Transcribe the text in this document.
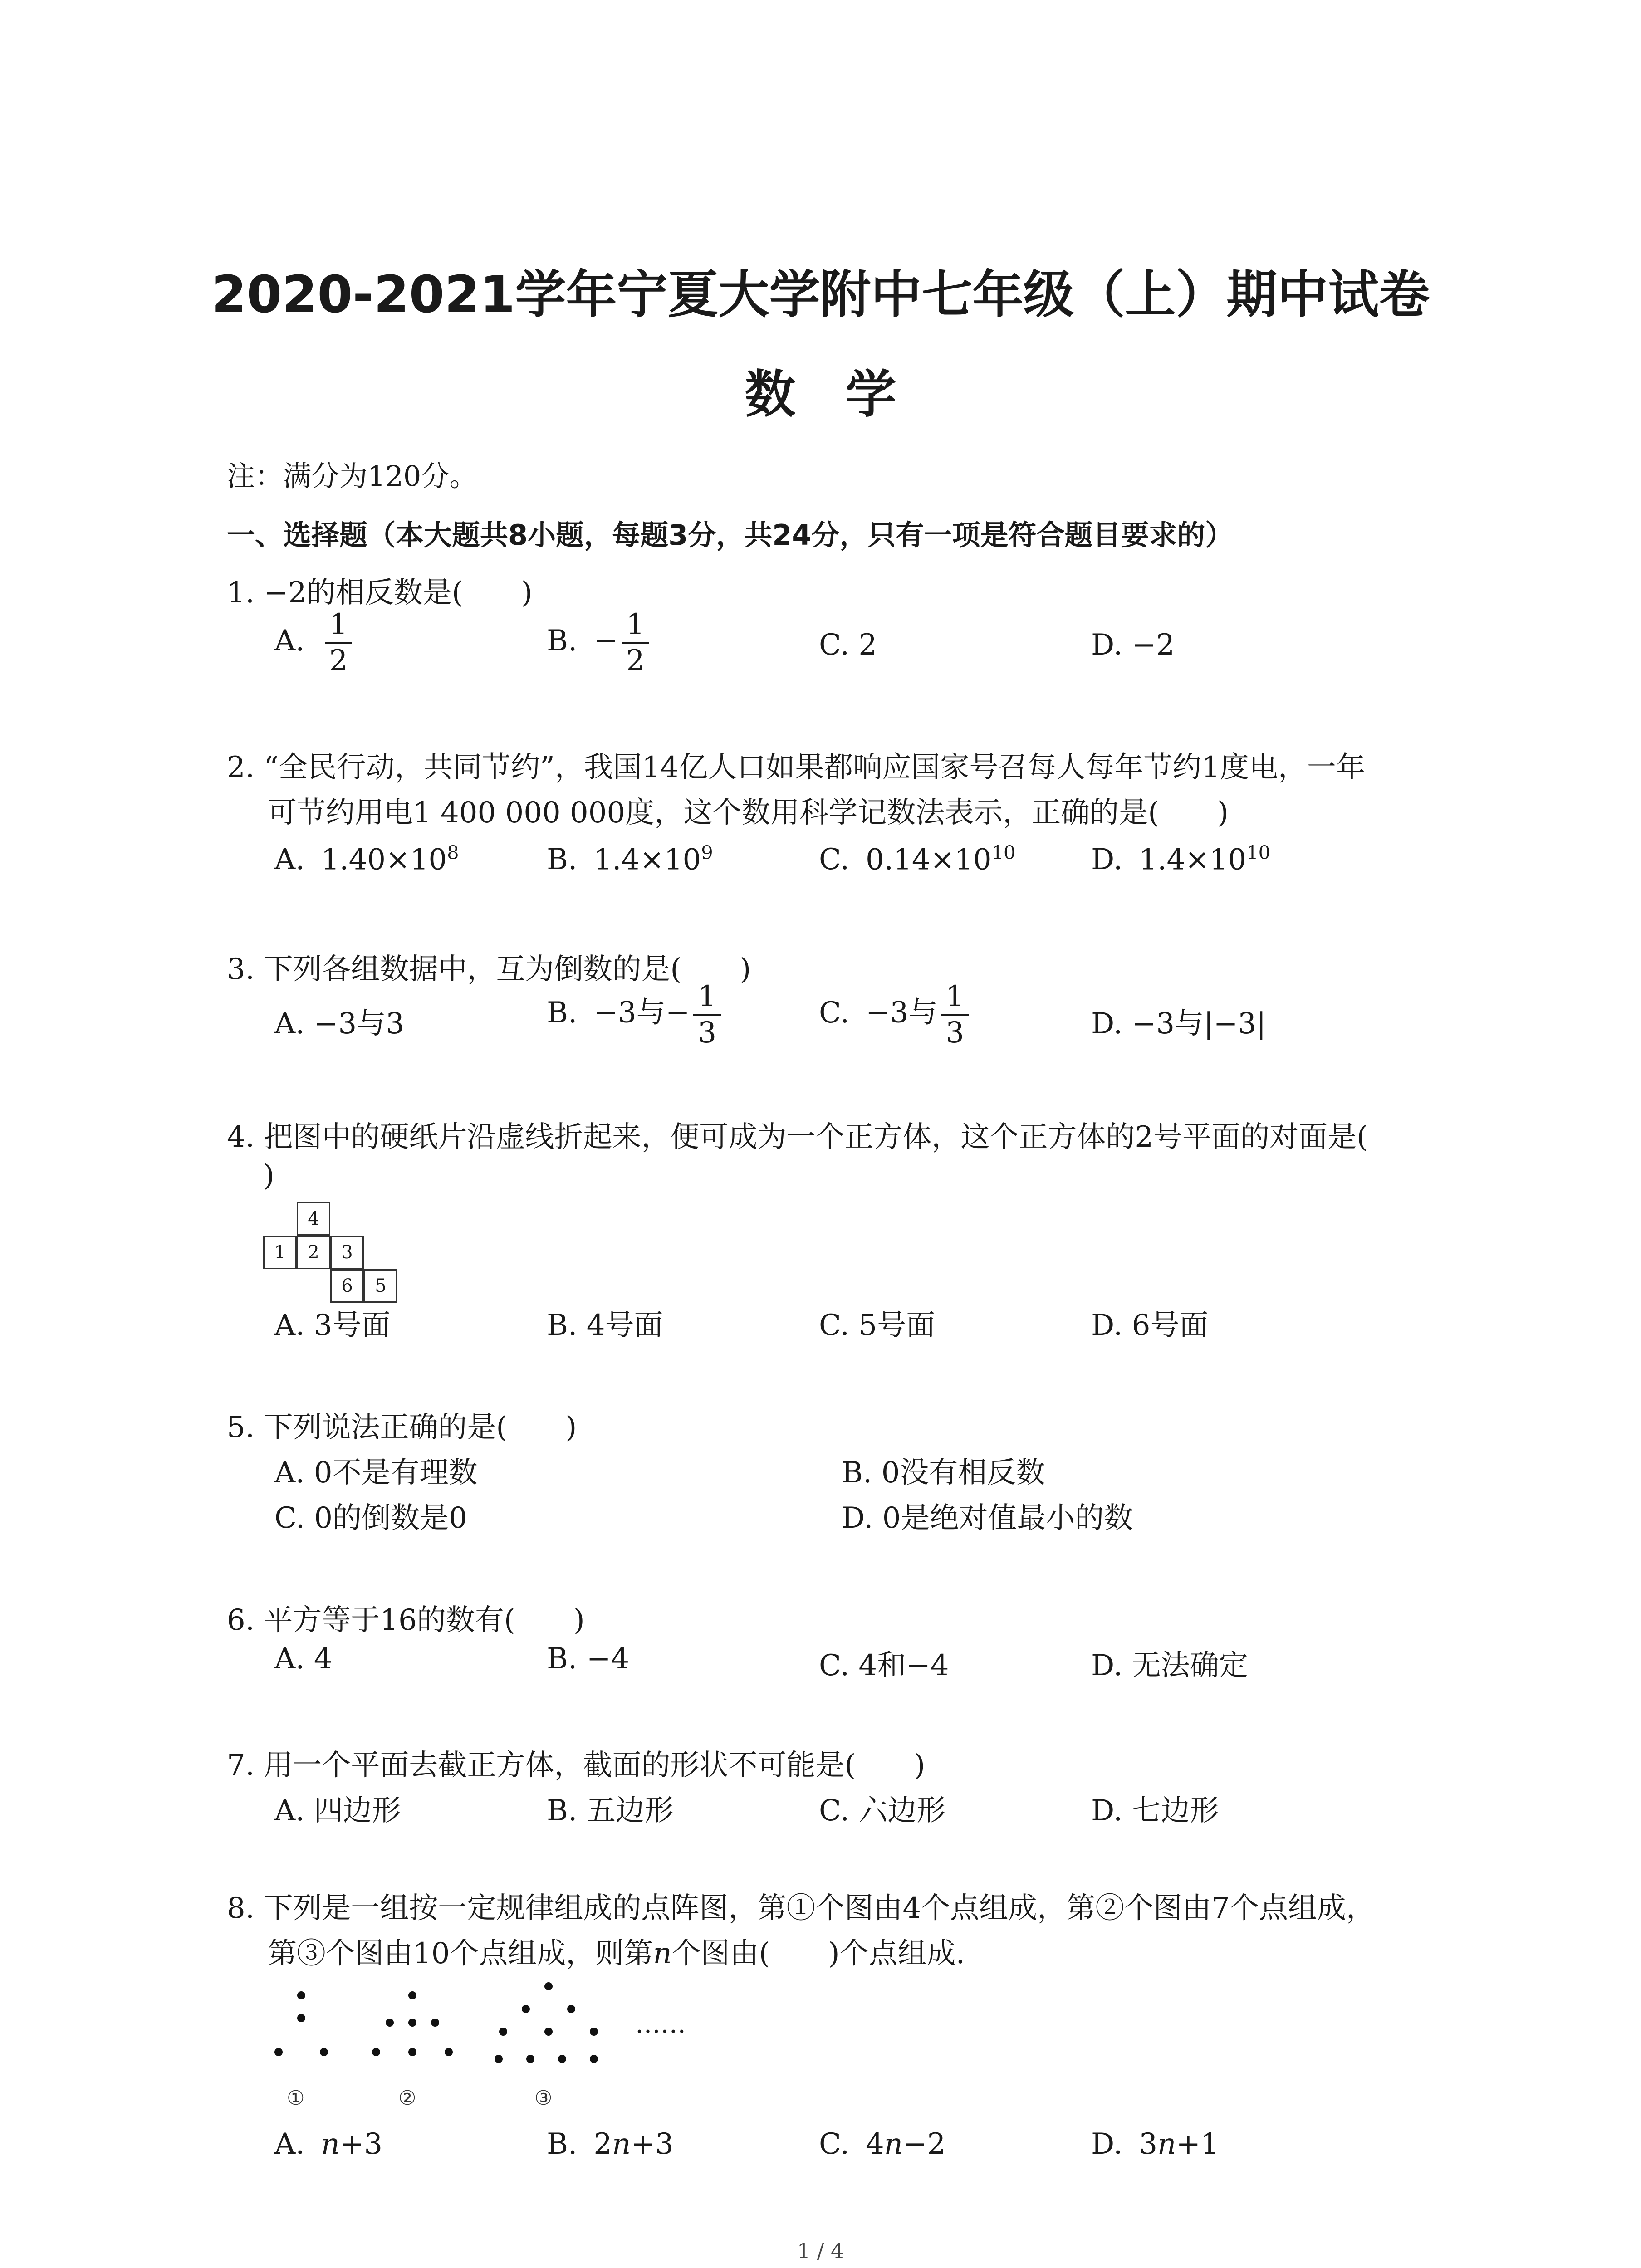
2020-2021学年宁夏大学附中七年级（上）期中试卷
数学
注：满分为120分。
一、选择题（本大题共8小题，每题3分，共24分，只有一项是符合题目要求的）
1. −2的相反数是(　　)
A. $\frac{1}{2}$	B. − $\frac{1}{2}$	C. 2	D. −2
2. “全民行动，共同节约”，我国14亿人口如果都响应国家号召每人每年节约1度电，一年
可节约用电1 400 000 000度，这个数用科学记数法表示，正确的是(　　)
A. $1.40\times 10^8$	B. $1.4\times 10^9$	C. $0.14\times 10^{10}$	D. $1.4\times 10^{10}$
3. 下列各组数据中，互为倒数的是(　　)
A. −3与3	B. −3与− $\frac{1}{3}$	C. −3与 $\frac{1}{3}$	D. −3与|−3|
4. 把图中的硬纸片沿虚线折起来，便可成为一个正方体，这个正方体的2号平面的对面是(
)
4
1	2	3
6	5
A. 3号面	B. 4号面	C. 5号面	D. 6号面
5. 下列说法正确的是(　　)
A. 0不是有理数	B. 0没有相反数
C. 0的倒数是0	D. 0是绝对值最小的数
6. 平方等于16的数有(　　)
A. 4	B. −4	C. 4和−4	D. 无法确定
7. 用一个平面去截正方体，截面的形状不可能是(　　)
A. 四边形	B. 五边形	C. 六边形	D. 七边形
8. 下列是一组按一定规律组成的点阵图，第①个图由4个点组成，第②个图由7个点组成，
第③个图由10个点组成，则第n个图由(　　)个点组成.
……
①	②	③
A. n+3	B. 2n+3	C. 4n−2	D. 3n+1
1 / 4
